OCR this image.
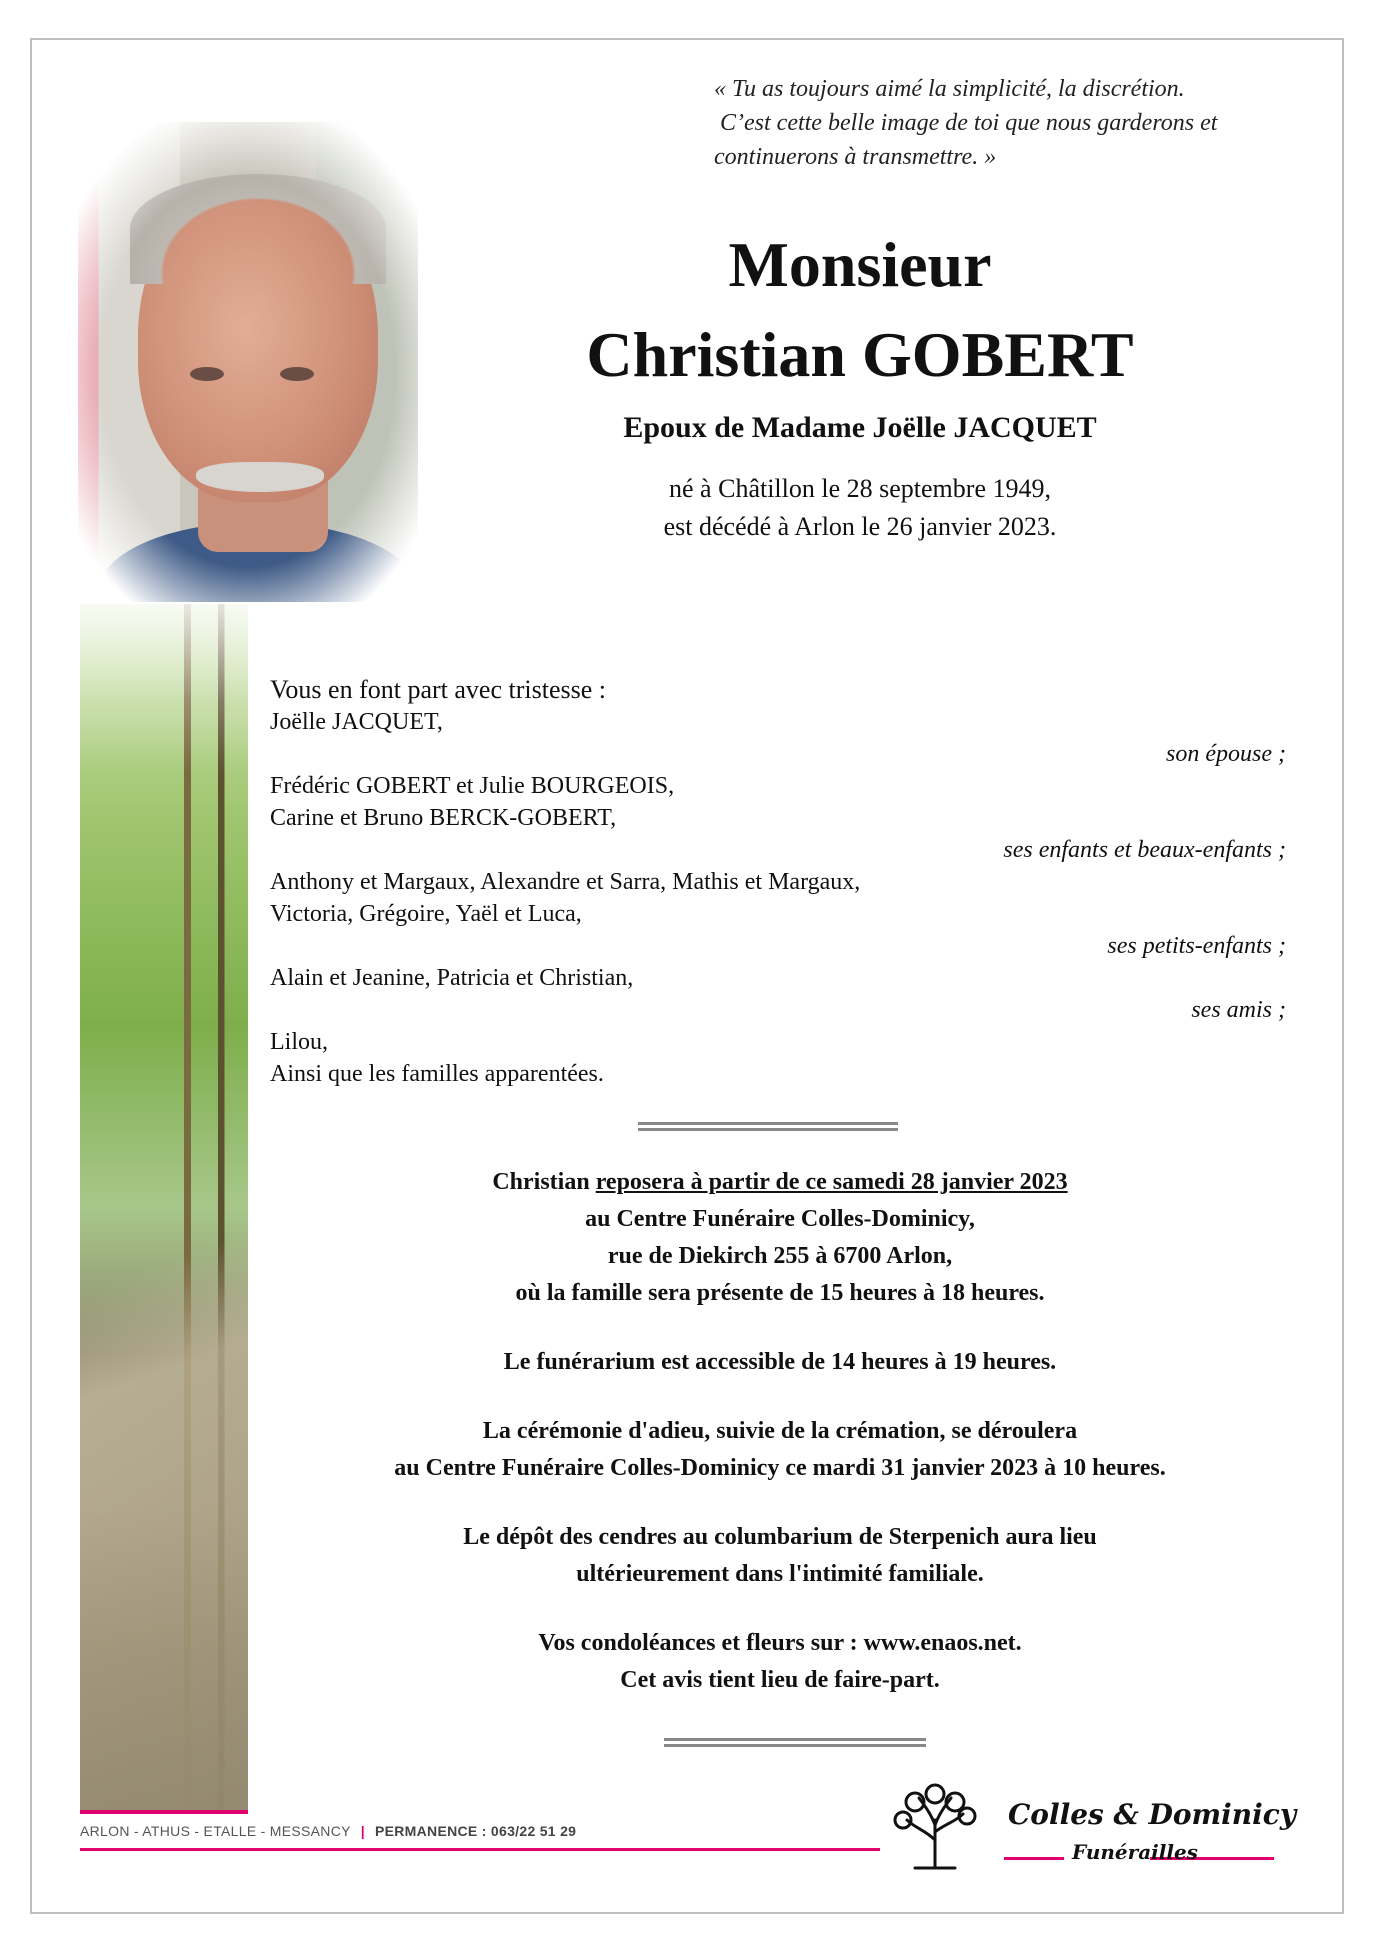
« Tu as toujours aimé la simplicité, la discrétion.
C’est cette belle image de toi que nous garderons et
continuerons à transmettre. »
Monsieur
Christian GOBERT
Epoux de Madame Joëlle JACQUET
né à Châtillon le 28 septembre 1949,
est décédé à Arlon le 26 janvier 2023.
Vous en font part avec tristesse :
Joëlle JACQUET,
son épouse ;
Frédéric GOBERT et Julie BOURGEOIS,
Carine et Bruno BERCK-GOBERT,
ses enfants et beaux-enfants ;
Anthony et Margaux, Alexandre et Sarra, Mathis et Margaux,
Victoria, Grégoire, Yaël et Luca,
ses petits-enfants ;
Alain et Jeanine, Patricia et Christian,
ses amis ;
Lilou,
Ainsi que les familles apparentées.
Christian reposera à partir de ce samedi 28 janvier 2023
au Centre Funéraire Colles-Dominicy,
rue de Diekirch 255 à 6700 Arlon,
où la famille sera présente de 15 heures à 18 heures.
Le funérarium est accessible de 14 heures à 19 heures.
La cérémonie d'adieu, suivie de la crémation, se déroulera
au Centre Funéraire Colles-Dominicy ce mardi 31 janvier 2023 à 10 heures.
Le dépôt des cendres au columbarium de Sterpenich aura lieu
ultérieurement dans l'intimité familiale.
Vos condoléances et fleurs sur : www.enaos.net.
Cet avis tient lieu de faire-part.
ARLON - ATHUS - ETALLE - MESSANCY | PERMANENCE : 063/22 51 29	Colles & Dominicy
Funérailles
